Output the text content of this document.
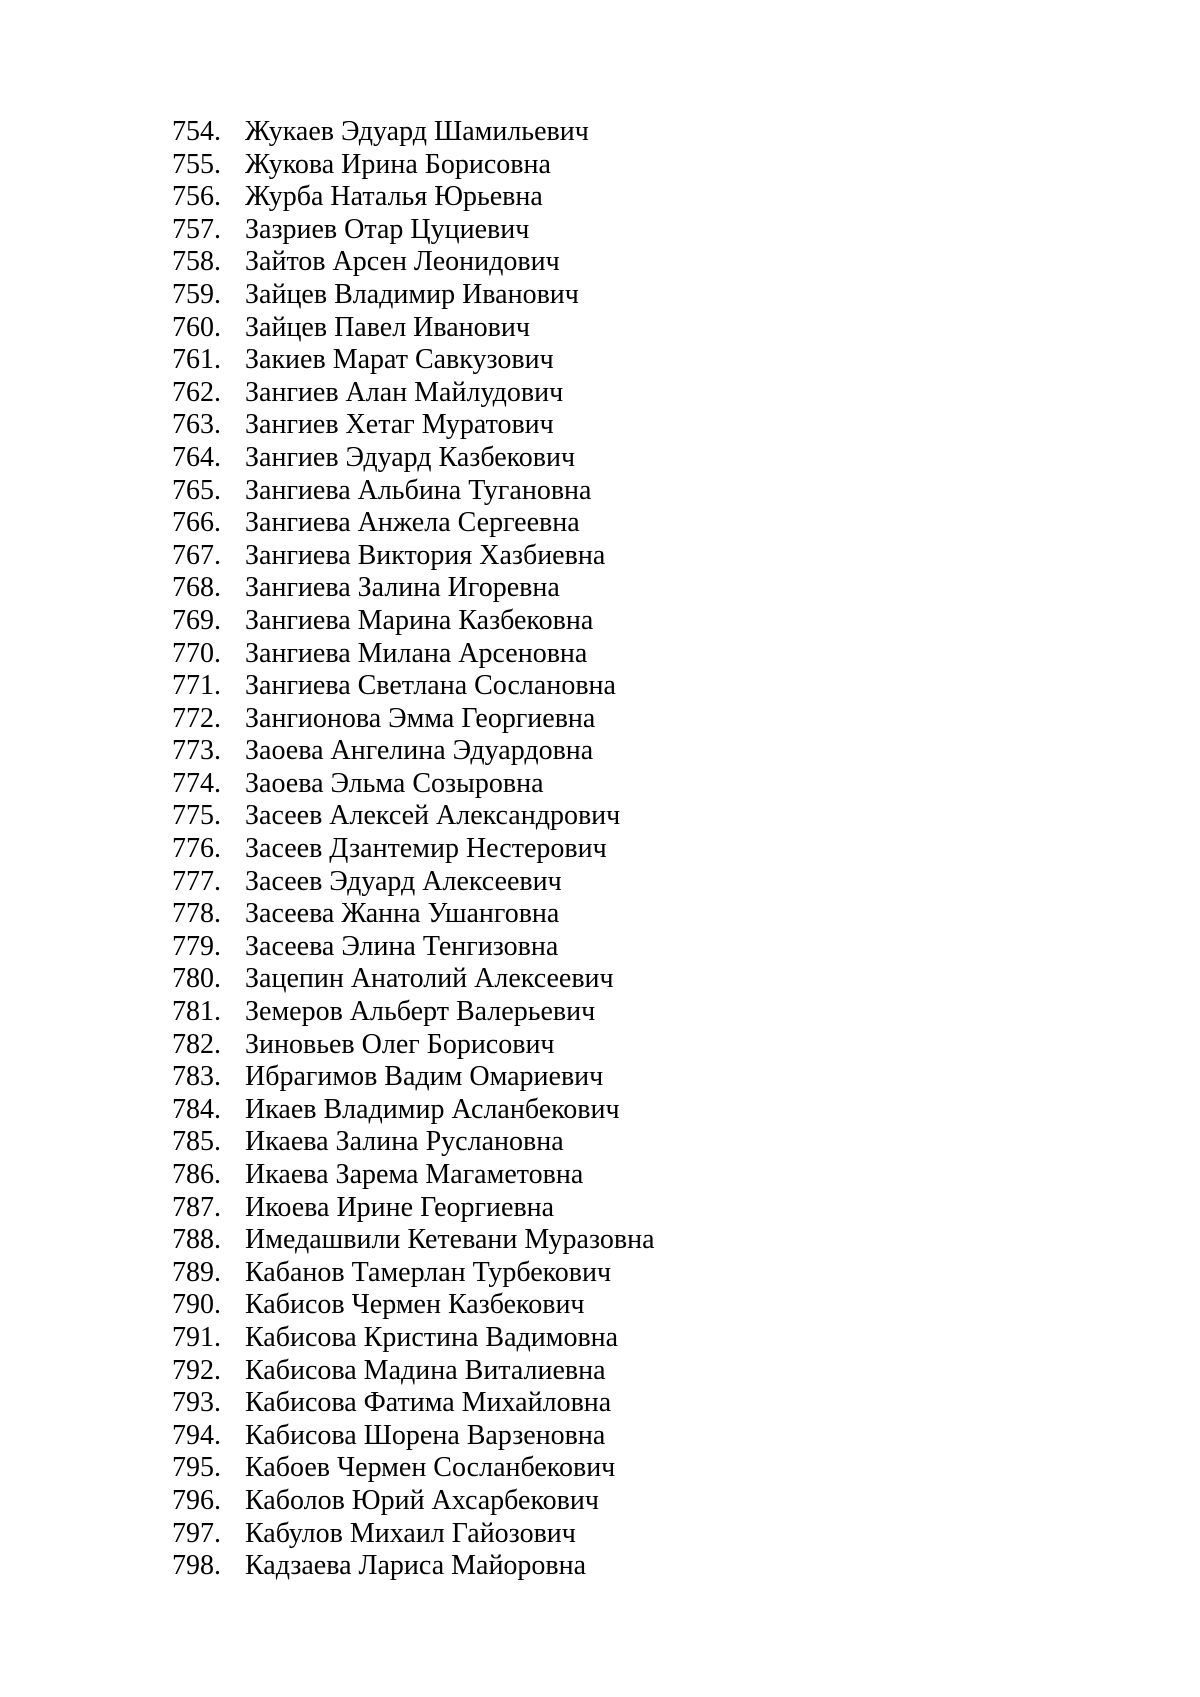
754. Жукаев Эдуард Шамильевич
755. Жукова Ирина Борисовна
756. Журба Наталья Юрьевна
757. Зазриев Отар Цуциевич
758. Зайтов Арсен Леонидович
759. Зайцев Владимир Иванович
760. Зайцев Павел Иванович
761. Закиев Марат Савкузович
762. Зангиев Алан Майлудович
763. Зангиев Хетаг Муратович
764. Зангиев Эдуард Казбекович
765. Зангиева Альбина Тугановна
766. Зангиева Анжела Сергеевна
767. Зангиева Виктория Хазбиевна
768. Зангиева Залина Игоревна
769. Зангиева Марина Казбековна
770. Зангиева Милана Арсеновна
771. Зангиева Светлана Сослановна
772. Зангионова Эмма Георгиевна
773. Заоева Ангелина Эдуардовна
774. Заоева Эльма Созыровна
775. Засеев Алексей Александрович
776. Засеев Дзантемир Нестерович
777. Засеев Эдуард Алексеевич
778. Засеева Жанна Ушанговна
779. Засеева Элина Тенгизовна
780. Зацепин Анатолий Алексеевич
781. Земеров Альберт Валерьевич
782. Зиновьев Олег Борисович
783. Ибрагимов Вадим Омариевич
784. Икаев Владимир Асланбекович
785. Икаева Залина Руслановна
786. Икаева Зарема Магаметовна
787. Икоева Ирине Георгиевна
788. Имедашвили Кетевани Муразовна
789. Кабанов Тамерлан Турбекович
790. Кабисов Чермен Казбекович
791. Кабисова Кристина Вадимовна
792. Кабисова Мадина Виталиевна
793. Кабисова Фатима Михайловна
794. Кабисова Шорена Варзеновна
795. Кабоев Чермен Сосланбекович
796. Каболов Юрий Ахсарбекович
797. Кабулов Михаил Гайозович
798. Кадзаева Лариса Майоровна
